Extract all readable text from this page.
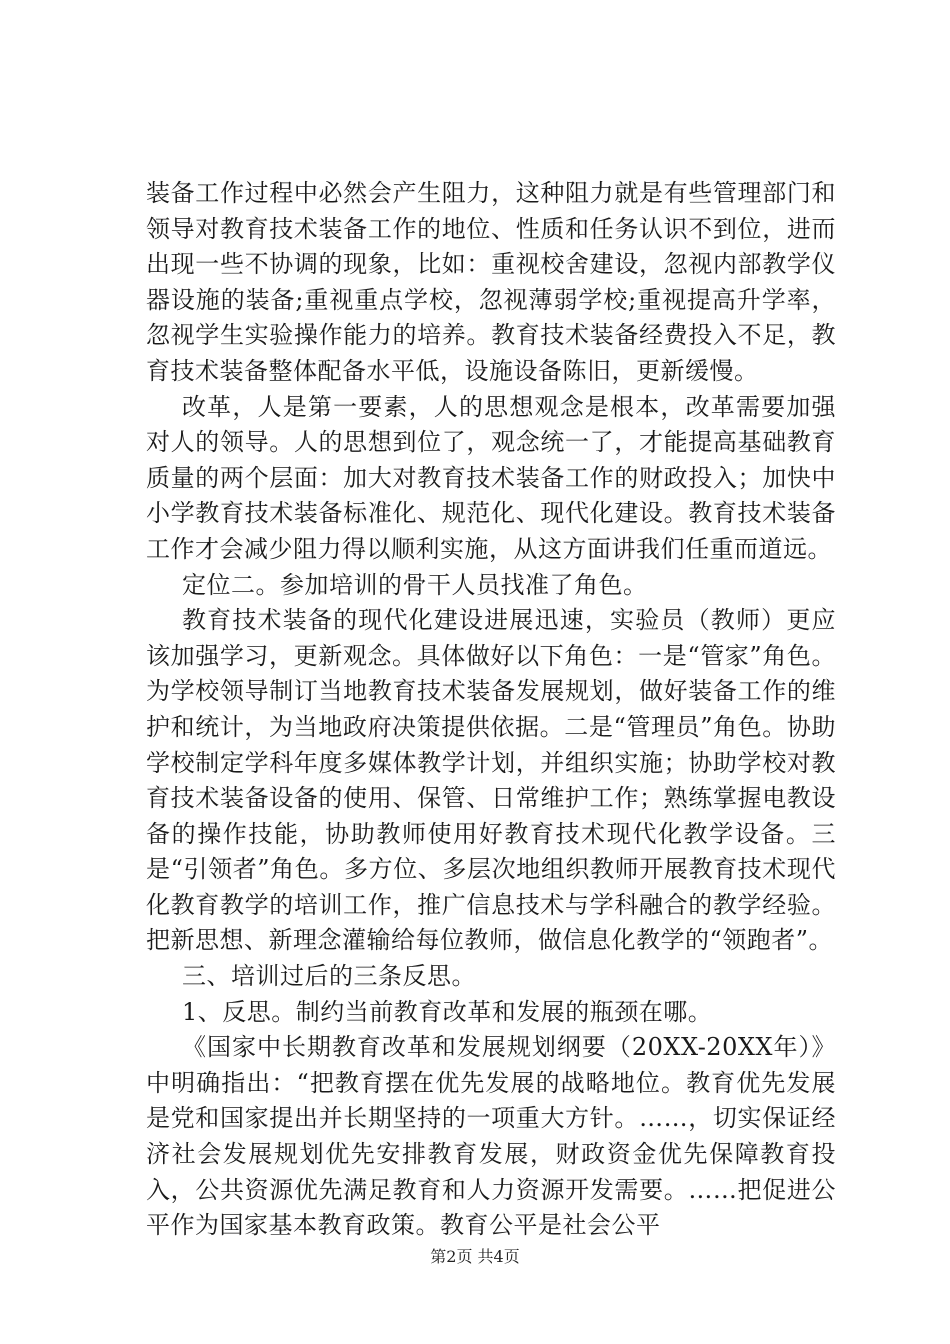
装备工作过程中必然会产生阻力，这种阻力就是有些管理部门和领导对教育技术装备工作的地位、性质和任务认识不到位，进而出现一些不协调的现象，比如：重视校舍建设，忽视内部教学仪器设施的装备;重视重点学校，忽视薄弱学校;重视提高升学率，忽视学生实验操作能力的培养。教育技术装备经费投入不足，教育技术装备整体配备水平低，设施设备陈旧，更新缓慢。

改革，人是第一要素，人的思想观念是根本，改革需要加强对人的领导。人的思想到位了，观念统一了，才能提高基础教育质量的两个层面：加大对教育技术装备工作的财政投入；加快中小学教育技术装备标准化、规范化、现代化建设。教育技术装备工作才会减少阻力得以顺利实施，从这方面讲我们任重而道远。

定位二。参加培训的骨干人员找准了角色。

教育技术装备的现代化建设进展迅速，实验员（教师）更应该加强学习，更新观念。具体做好以下角色：一是“管家”角色。为学校领导制订当地教育技术装备发展规划，做好装备工作的维护和统计，为当地政府决策提供依据。二是“管理员”角色。协助学校制定学科年度多媒体教学计划，并组织实施；协助学校对教育技术装备设备的使用、保管、日常维护工作；熟练掌握电教设备的操作技能，协助教师使用好教育技术现代化教学设备。三是“引领者”角色。多方位、多层次地组织教师开展教育技术现代化教育教学的培训工作，推广信息技术与学科融合的教学经验。把新思想、新理念灌输给每位教师，做信息化教学的“领跑者”。

三、培训过后的三条反思。

1、反思。制约当前教育改革和发展的瓶颈在哪。

《国家中长期教育改革和发展规划纲要（20XX-20XX年）》中明确指出：“把教育摆在优先发展的战略地位。教育优先发展是党和国家提出并长期坚持的一项重大方针。……，切实保证经济社会发展规划优先安排教育发展，财政资金优先保障教育投入，公共资源优先满足教育和人力资源开发需要。……把促进公平作为国家基本教育政策。教育公平是社会公平

第2页 共4页
